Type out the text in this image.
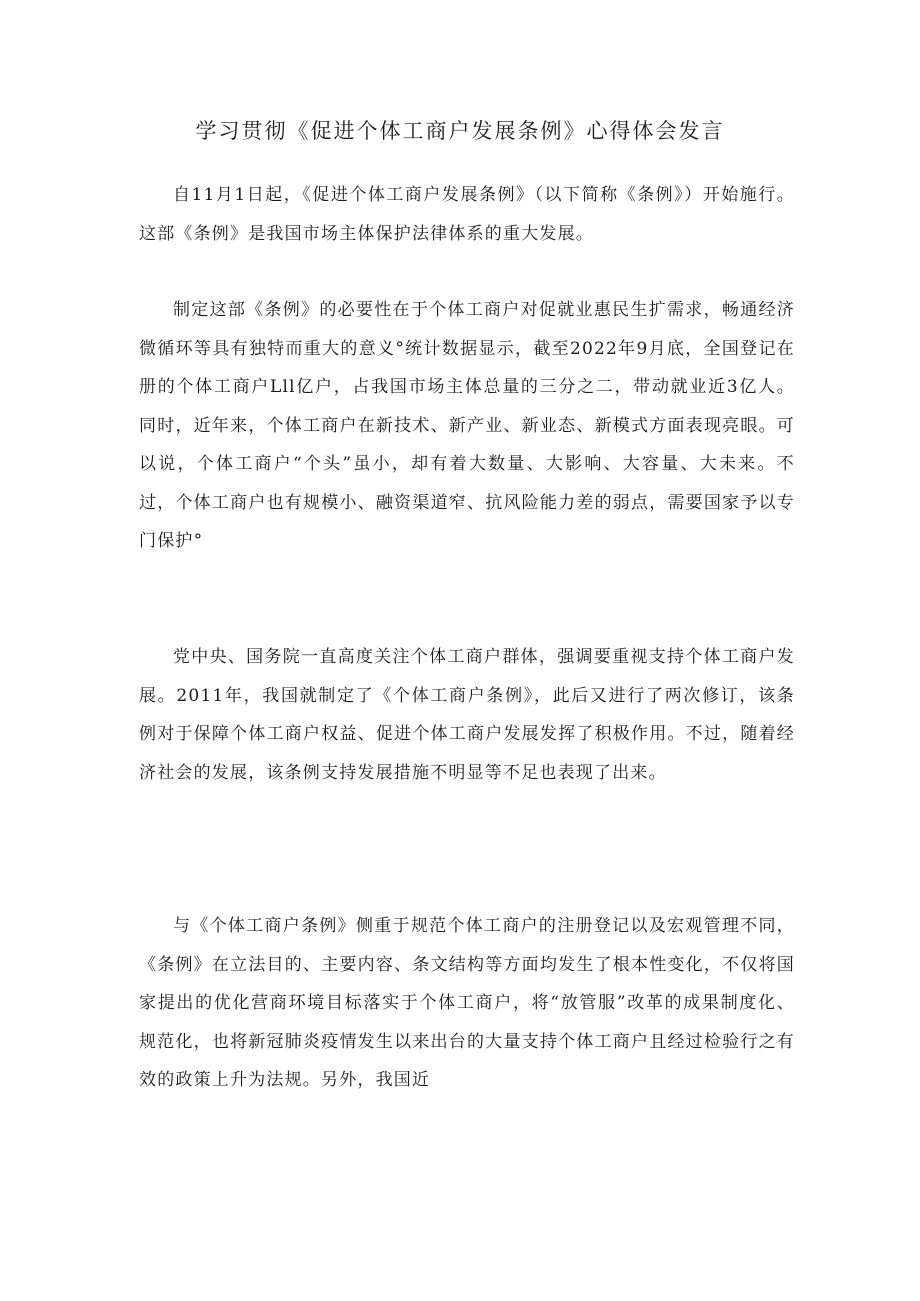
学习贯彻《促进个体工商户发展条例》心得体会发言

自11月1日起，《促进个体工商户发展条例》（以下简称《条例》）开始施行。这部《条例》是我国市场主体保护法律体系的重大发展。

制定这部《条例》的必要性在于个体工商户对促就业惠民生扩需求，畅通经济微循环等具有独特而重大的意义°统计数据显示，截至2022年9月底，全国登记在册的个体工商户Lll亿户，占我国市场主体总量的三分之二，带动就业近3亿人。同时，近年来，个体工商户在新技术、新产业、新业态、新模式方面表现亮眼。可以说，个体工商户“个头”虽小，却有着大数量、大影响、大容量、大未来。不过，个体工商户也有规模小、融资渠道窄、抗风险能力差的弱点，需要国家予以专门保护°

党中央、国务院一直高度关注个体工商户群体，强调要重视支持个体工商户发展。2011年，我国就制定了《个体工商户条例》，此后又进行了两次修订，该条例对于保障个体工商户权益、促进个体工商户发展发挥了积极作用。不过，随着经济社会的发展，该条例支持发展措施不明显等不足也表现了出来。

与《个体工商户条例》侧重于规范个体工商户的注册登记以及宏观管理不同，《条例》在立法目的、主要内容、条文结构等方面均发生了根本性变化，不仅将国家提出的优化营商环境目标落实于个体工商户，将“放管服”改革的成果制度化、规范化，也将新冠肺炎疫情发生以来出台的大量支持个体工商户且经过检验行之有效的政策上升为法规。另外，我国近
